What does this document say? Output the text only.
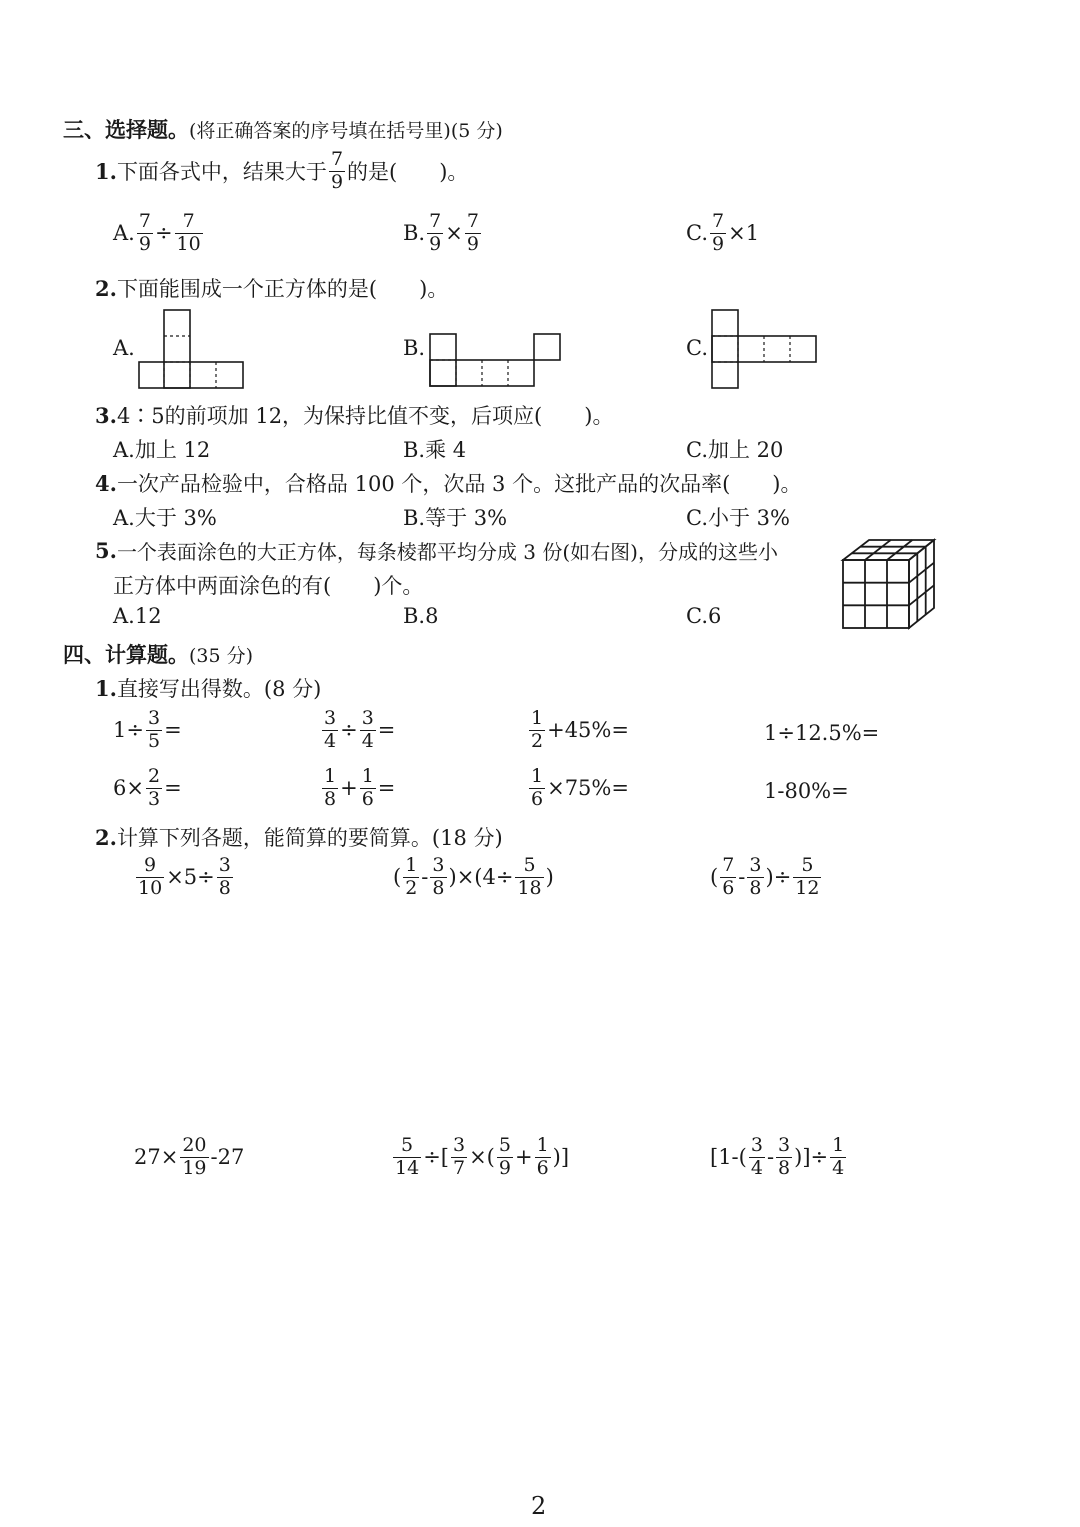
三、选择题。 (将正确答案的序号填在括号里)(5 分)
1. 下面各式中，结果大于 $\frac{7}{9}$ 的是(　　)。
A. $\frac{7}{9} \div \frac{7}{10}$	B. $\frac{7}{9} \times \frac{7}{9}$	C. $\frac{7}{9} \times 1$
2. 下面能围成一个正方体的是(　　)。
A.	B.	C.
3. 4∶5的前项加 12，为保持比值不变，后项应(　　)。
A.加上 12	B.乘 4	C.加上 20
4. 一次产品检验中，合格品 100 个，次品 3 个。这批产品的次品率(　　)。
A.大于 3%	B.等于 3%	C.小于 3%
5. 一个表面涂色的大正方体，每条棱都平均分成 3 份(如右图)，分成的这些小
正方体中两面涂色的有(　　)个。
A.12	B.8	C.6
四、计算题。 (35 分)
1. 直接写出得数。(8 分)
$1\div \frac{3}{5}$ =	$\frac{3}{4} \div \frac{3}{4}$ =	$\frac{1}{2} +45\%=$	1÷12.5%=
$6\times \frac{2}{3}$ =	$\frac{1}{8} + \frac{1}{6}$ =	$\frac{1}{6} \times 75\%=$	1-80%=
2. 计算下列各题，能简算的要简算。(18 分)
$\frac{9}{10} \times 5\div \frac{3}{8}$	( $\frac{1}{2} - \frac{3}{8} )\times(4\div \frac{5}{18}$ )	( $\frac{7}{6} - \frac{3}{8}$ )÷ $\frac{5}{12}$
$27\times \frac{20}{19} -27$	$\frac{5}{14}$ ÷[ $\frac{3}{7}$ ×( $\frac{5}{9} + \frac{1}{6}$ )]	[$1-( \frac{3}{4} - \frac{3}{8}$ )]÷ $\frac{1}{4}$
2
